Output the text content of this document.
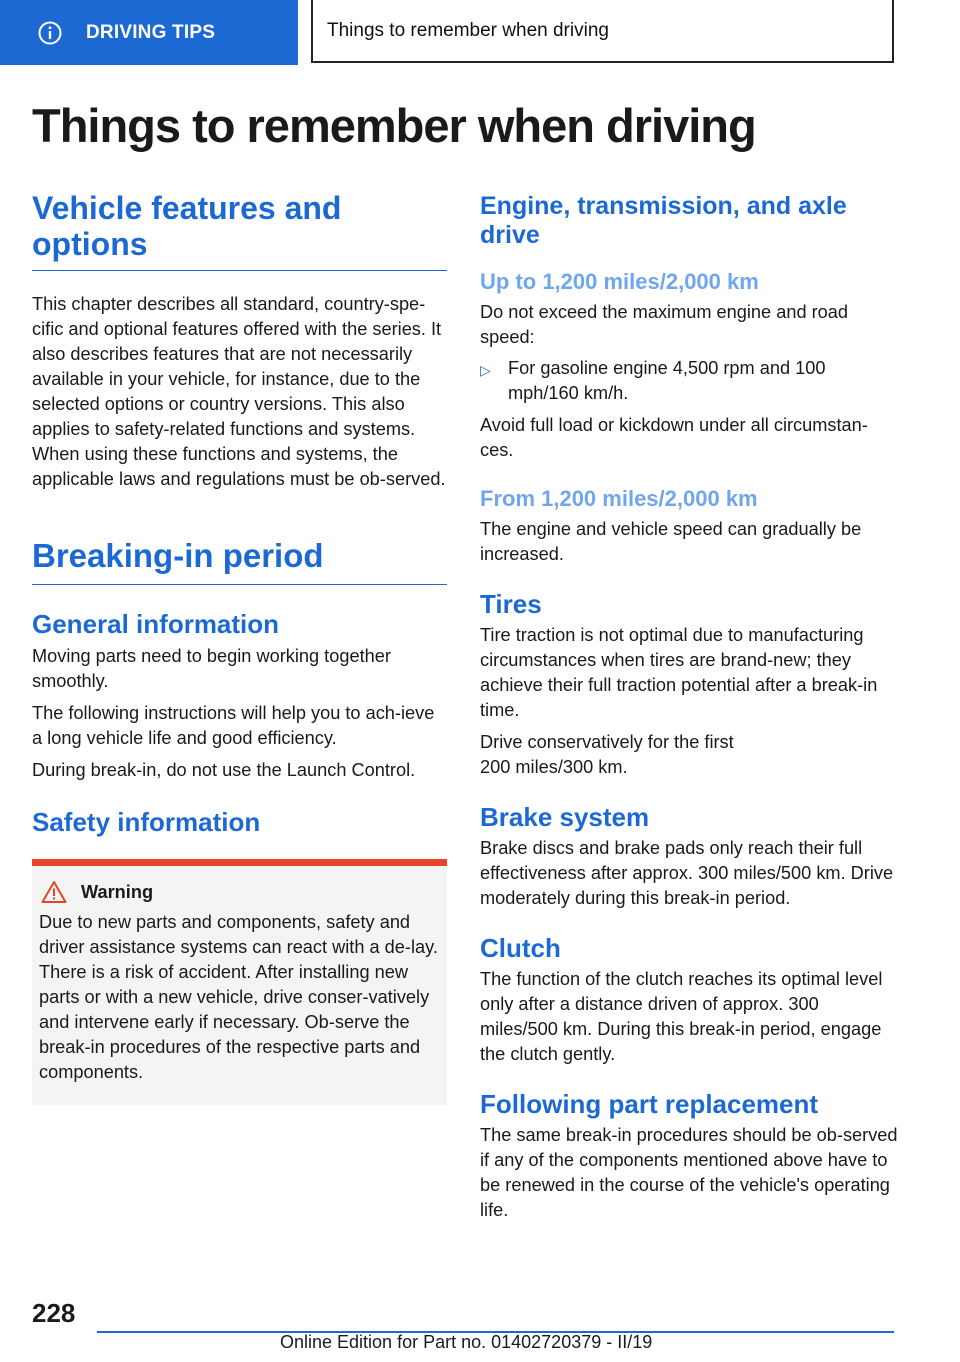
DRIVING TIPS	Things to remember when driving
Things to remember when driving
Vehicle features and options

This chapter describes all standard, country-spe-cific and optional features offered with the series. It also describes features that are not necessarily available in your vehicle, for instance, due to the selected options or country versions. This also applies to safety-related functions and systems. When using these functions and systems, the applicable laws and regulations must be ob-served.

Breaking-in period
General information

Moving parts need to begin working together smoothly.

The following instructions will help you to ach-ieve a long vehicle life and good efficiency.

During break-in, do not use the Launch Control.

Safety information
Warning

Due to new parts and components, safety and driver assistance systems can react with a de-lay. There is a risk of accident. After installing new parts or with a new vehicle, drive conser-vatively and intervene early if necessary. Ob-serve the break-in procedures of the respective parts and components.

Engine, transmission, and axle drive
Up to 1,200 miles/2,000 km

Do not exceed the maximum engine and road speed:

▷ For gasoline engine 4,500 rpm and 100 mph/160 km/h.

Avoid full load or kickdown under all circumstan-ces.

From 1,200 miles/2,000 km

The engine and vehicle speed can gradually be increased.

Tires

Tire traction is not optimal due to manufacturing circumstances when tires are brand-new; they achieve their full traction potential after a break-in time.

Drive conservatively for the first 200 miles/300 km.

Brake system

Brake discs and brake pads only reach their full effectiveness after approx. 300 miles/500 km. Drive moderately during this break-in period.

Clutch

The function of the clutch reaches its optimal level only after a distance driven of approx. 300 miles/500 km. During this break-in period, engage the clutch gently.

Following part replacement

The same break-in procedures should be ob-served if any of the components mentioned above have to be renewed in the course of the vehicle's operating life.

228
Online Edition for Part no. 01402720379 - II/19
